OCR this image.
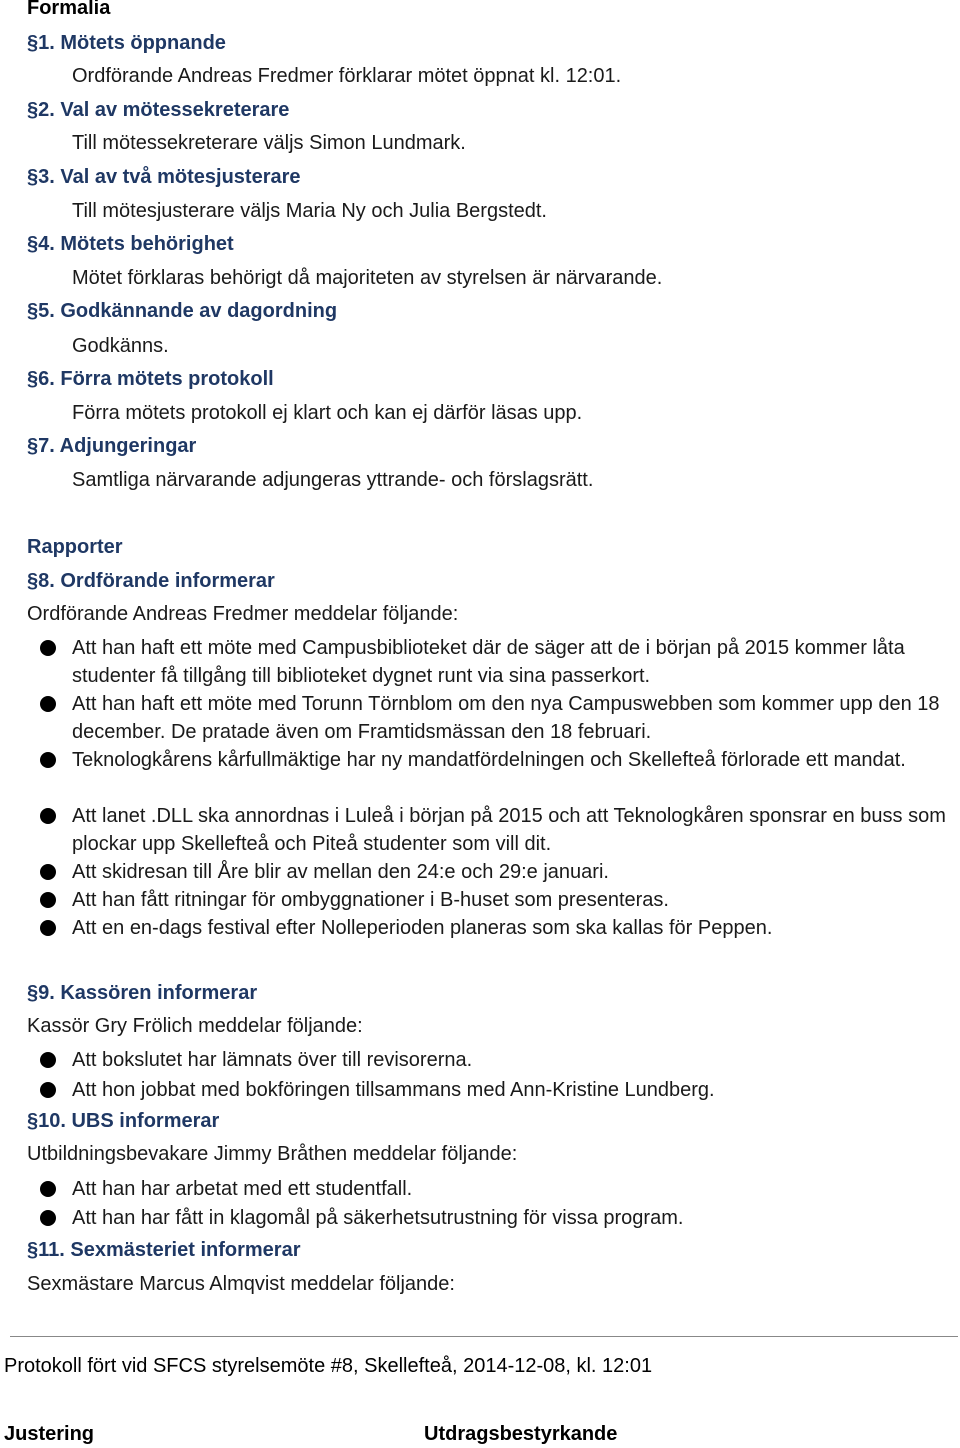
Formalia
§1. Mötets öppnande
Ordförande Andreas Fredmer förklarar mötet öppnat kl. 12:01.
§2. Val av mötessekreterare
Till mötessekreterare väljs Simon Lundmark.
§3. Val av två mötesjusterare
Till mötesjusterare väljs Maria Ny och Julia Bergstedt.
§4. Mötets behörighet
Mötet förklaras behörigt då majoriteten av styrelsen är närvarande.
§5. Godkännande av dagordning
Godkänns.
§6. Förra mötets protokoll
Förra mötets protokoll ej klart och kan ej därför läsas upp.
§7. Adjungeringar
Samtliga närvarande adjungeras yttrande- och förslagsrätt.
Rapporter
§8. Ordförande informerar
Ordförande Andreas Fredmer meddelar följande:
Att han haft ett möte med Campusbiblioteket där de säger att de i början på 2015 kommer låta studenter få tillgång till biblioteket dygnet runt via sina passerkort.
Att han haft ett möte med Torunn Törnblom om den nya Campuswebben som kommer upp den 18 december. De pratade även om Framtidsmässan den 18 februari.
Teknologkårens kårfullmäktige har ny mandatfördelningen och Skellefteå förlorade ett mandat.
Att lanet .DLL ska annordnas i Luleå i början på 2015 och att Teknologkåren sponsrar en buss som plockar upp Skellefteå och Piteå studenter som vill dit.
Att skidresan till Åre blir av mellan den 24:e och 29:e januari.
Att han fått ritningar för ombyggnationer i B-huset som presenteras.
Att en en-dags festival efter Nolleperioden planeras som ska kallas för Peppen.
§9. Kassören informerar
Kassör Gry Frölich meddelar följande:
Att bokslutet har lämnats över till revisorerna.
Att hon jobbat med bokföringen tillsammans med Ann-Kristine Lundberg.
§10. UBS informerar
Utbildningsbevakare Jimmy Bråthen meddelar följande:
Att han har arbetat med ett studentfall.
Att han har fått in klagomål på säkerhetsutrustning för vissa program.
§11. Sexmästeriet informerar
Sexmästare Marcus Almqvist meddelar följande:
Protokoll fört vid SFCS styrelsemöte #8, Skellefteå, 2014-12-08, kl. 12:01
Justering	Utdragsbestyrkande
